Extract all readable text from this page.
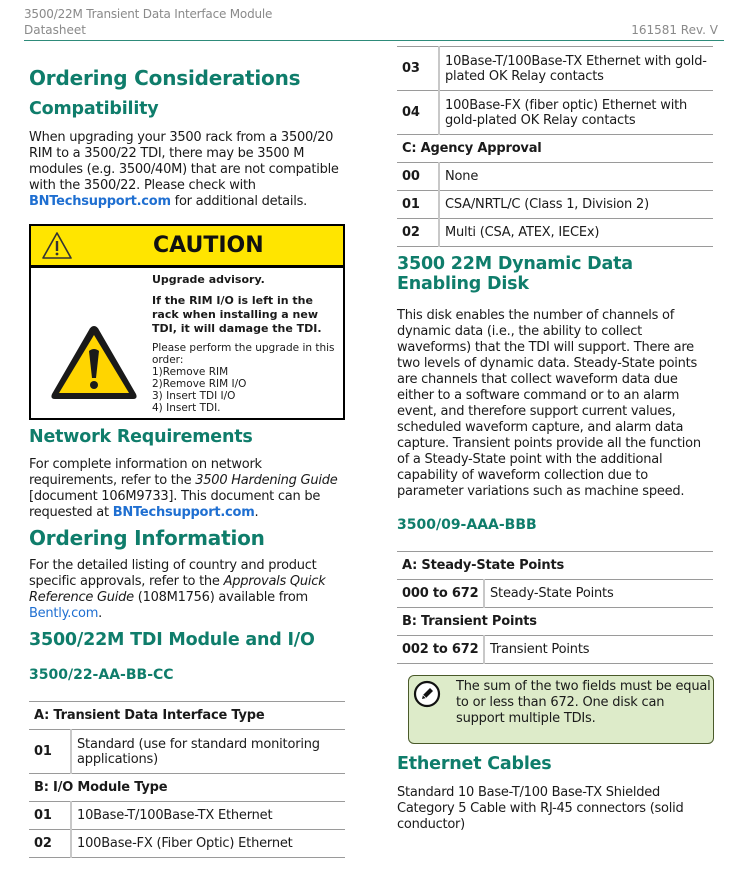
3500/22M Transient Data Interface Module
Datasheet	161581 Rev. V
Ordering Considerations
Compatibility

When upgrading your 3500 rack from a 3500/20 RIM to a 3500/22 TDI, there may be 3500 M modules (e.g. 3500/40M) that are not compatible with the 3500/22. Please check with BNTechsupport.com for additional details.

CAUTION
Upgrade advisory.
If the RIM I/O is left in the rack when installing a new TDI, it will damage the TDI.
Please perform the upgrade in this order:
1)Remove RIM
2)Remove RIM I/O
3) Insert TDI I/O
4) Insert TDI.
Network Requirements

For complete information on network requirements, refer to the 3500 Hardening Guide [document 106M9733]. This document can be requested at BNTechsupport.com.

Ordering Information

For the detailed listing of country and product specific approvals, refer to the Approvals Quick Reference Guide (108M1756) available from Bently.com.

3500/22M TDI Module and I/O
3500/22-AA-BB-CC
A: Transient Data Interface Type	
01	Standard (use for standard monitoring applications)
B: I/O Module Type	
01	10Base-T/100Base-TX Ethernet
02	100Base-FX (Fiber Optic) Ethernet
03	10Base-T/100Base-TX Ethernet with gold-plated OK Relay contacts
04	100Base-FX (fiber optic) Ethernet with gold-plated OK Relay contacts
C: Agency Approval	
00	None
01	CSA/NRTL/C (Class 1, Division 2)
02	Multi (CSA, ATEX, IECEx)
3500 22M Dynamic Data Enabling Disk

This disk enables the number of channels of dynamic data (i.e., the ability to collect waveforms) that the TDI will support. There are two levels of dynamic data. Steady-State points are channels that collect waveform data due either to a software command or to an alarm event, and therefore support current values, scheduled waveform capture, and alarm data capture. Transient points provide all the function of a Steady-State point with the additional capability of waveform collection due to parameter variations such as machine speed.

3500/09-AAA-BBB
A: Steady-State Points	
000 to 672	Steady-State Points
B: Transient Points	
002 to 672	Transient Points
The sum of the two fields must be equal to or less than 672. One disk can support multiple TDIs.
Ethernet Cables

Standard 10 Base-T/100 Base-TX Shielded Category 5 Cable with RJ-45 connectors (solid conductor)
